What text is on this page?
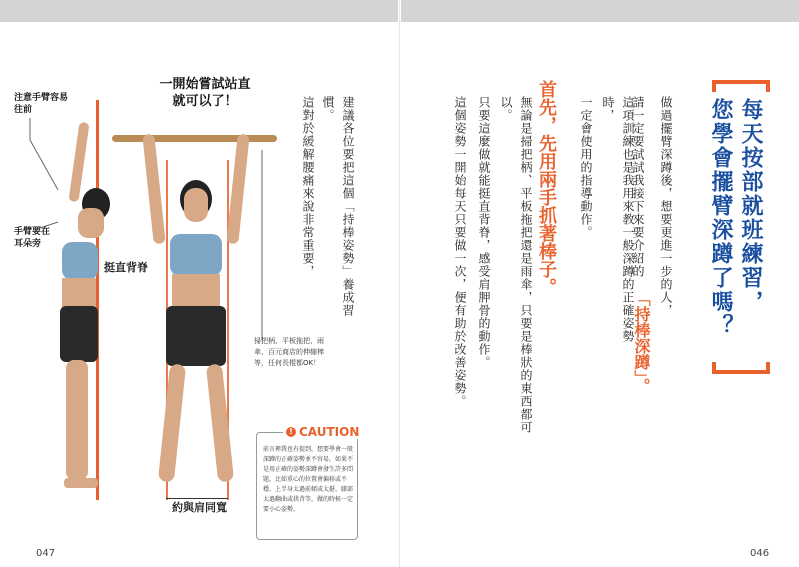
一開始嘗試站直
就可以了！
注意手臂容易往前
手臂要在耳朵旁
挺直背脊
約與肩同寬
掃把柄、平板拖把、雨傘、百元商店的伸縮棒等，任何長棍都OK！
這對於緩解腰痛來說非常重要，	建議各位要把這個「持棒姿勢」養成習慣。
! CAUTION
前言裡我也有提到，想要學會一般深蹲的正確姿勢並不容易。如果不是用正確的姿勢深蹲會發生許多問題，比如重心的位置會偏移或不穩、上半身太過前傾或太挺、膝部太過翻曲或拱背等，做的時候一定要小心姿勢。
047
每天按部就班練習，
您學會擺臂深蹲了嗎？
做過擺臂深蹲後，想要更進一步的人，
請一定要試試我接下來要介紹的
「持棒深蹲」。
這項訓練也是我用來教一般深蹲的正確姿勢時，
一定會使用的指導動作。
首先，先用兩手抓著棒子。
無論是掃把柄、平板拖把還是雨傘，只要是棒狀的東西都可以。
只要這麼做就能挺直背脊，感受肩胛骨的動作。
這個姿勢一開始每天只要做一次，便有助於改善姿勢。
046
